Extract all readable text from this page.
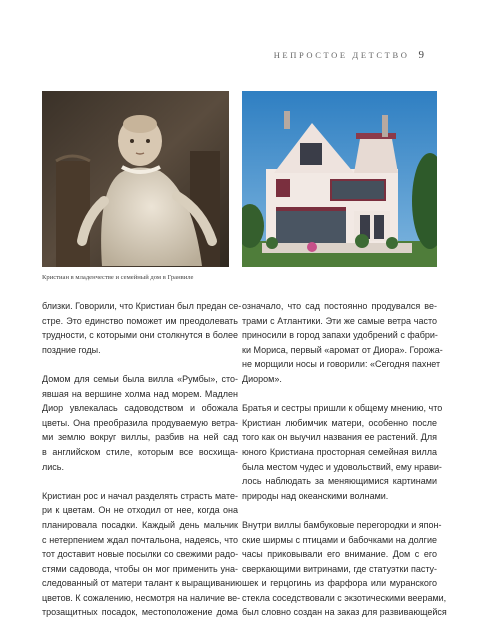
НЕПРОСТОЕ ДЕТСТВО 9
Кристиан в младенчестве и семейный дом в Гранвиле
близки. Говорили, что Кристиан был предан се-
стре. Это единство поможет им преодолевать
трудности, с которыми они столкнутся в более
поздние годы.
Домом для семьи была вилла «Румбы», сто-
явшая на вершине холма над морем. Мадлен
Диор увлекалась садоводством и обожала
цветы. Она преобразила продуваемую ветра-
ми землю вокруг виллы, разбив на ней сад
в английском стиле, которым все восхища-
лись.
Кристиан рос и начал разделять страсть мате-
ри к цветам. Он не отходил от нее, когда она
планировала посадки. Каждый день мальчик
с нетерпением ждал почтальона, надеясь, что
тот доставит новые посылки со свежими радо-
стями садовода, чтобы он мог применить уна-
следованный от матери талант к выращиванию
цветов. К сожалению, несмотря на наличие ве-
трозащитных посадок, местоположение дома
означало, что сад постоянно продувался ве-
трами с Атлантики. Эти же самые ветра часто
приносили в город запахи удобрений с фабри-
ки Мориса, первый «аромат от Диора». Горожа-
не морщили носы и говорили: «Сегодня пахнет
Диором».
Братья и сестры пришли к общему мнению, что
Кристиан любимчик матери, особенно после
того как он выучил названия ее растений. Для
юного Кристиана просторная семейная вилла
была местом чудес и удовольствий, ему нрави-
лось наблюдать за меняющимися картинами
природы над океанскими волнами.
Внутри виллы бамбуковые перегородки и япон-
ские ширмы с птицами и бабочками на долгие
часы приковывали его внимание. Дом с его
сверкающими витринами, где статуэтки пасту-
шек и герцогинь из фарфора или муранского
стекла соседствовали с экзотическими веерами,
был словно создан на заказ для развивающейся
